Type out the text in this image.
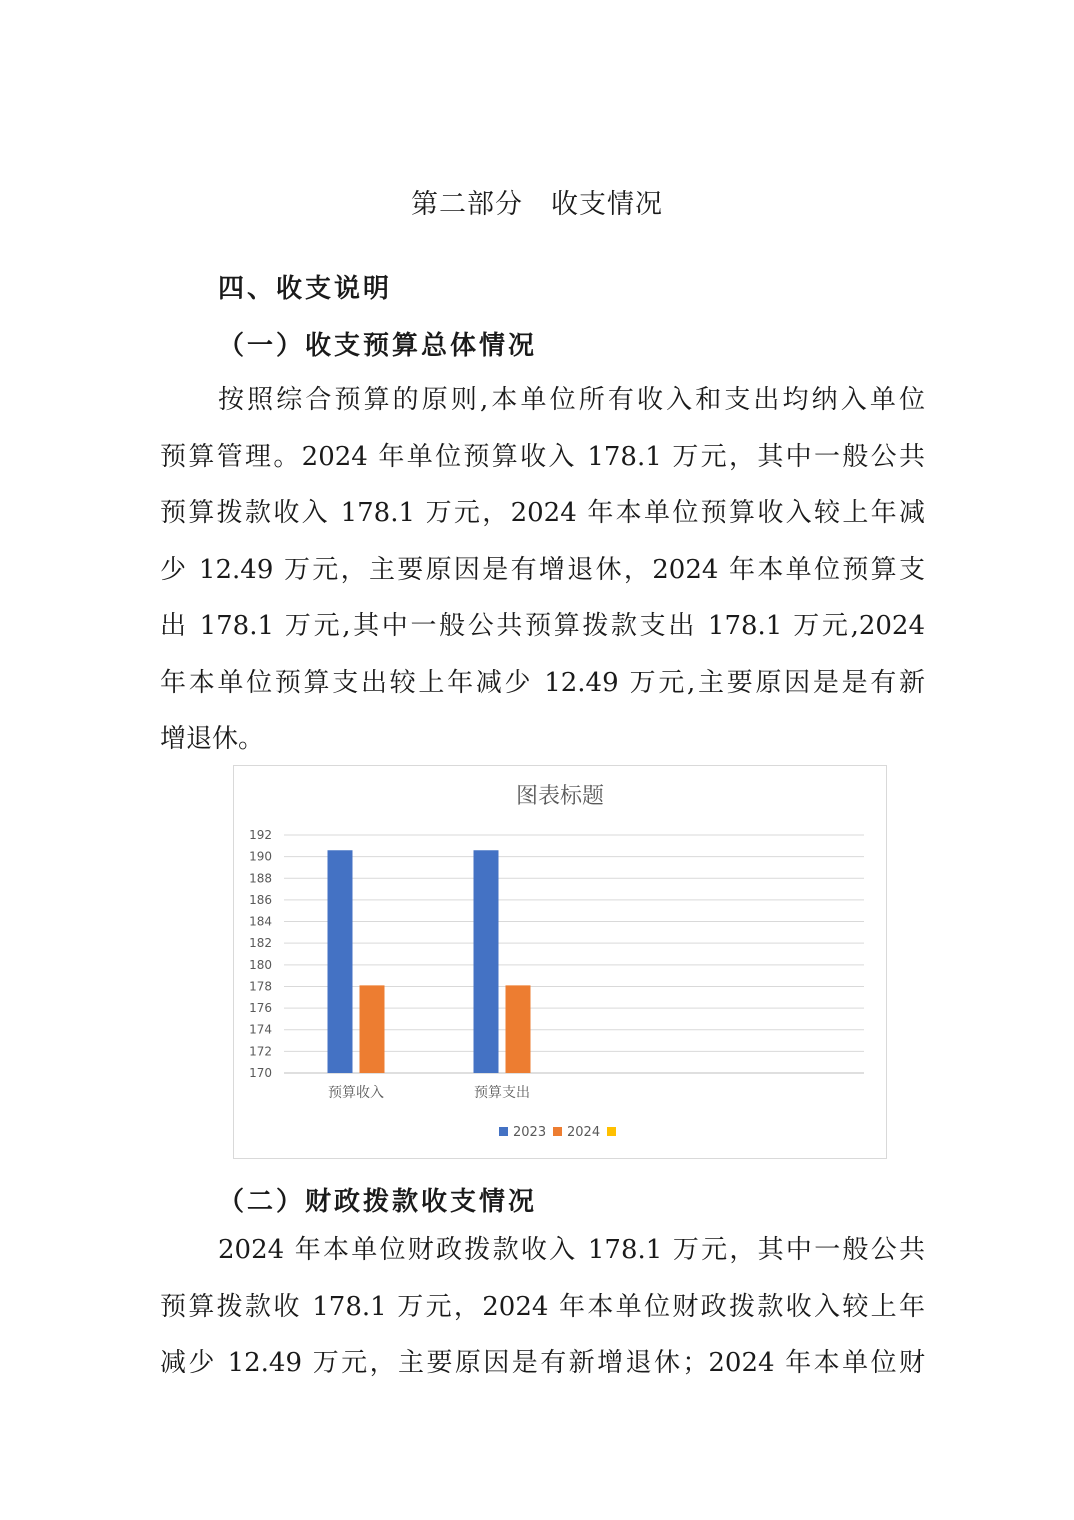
第二部分　收支情况
四、收支说明
（一）收支预算总体情况
按照综合预算的原则,本单位所有收入和支出均纳入单位
预算管理。2024 年单位预算收入 178.1 万元，其中一般公共
预算拨款收入 178.1 万元，2024 年本单位预算收入较上年减
少 12.49 万元，主要原因是有增退休，2024 年本单位预算支
出 178.1 万元,其中一般公共预算拨款支出 178.1 万元,2024
年本单位预算支出较上年减少 12.49 万元,主要原因是是有新
增退休。
图表标题
170
172
174
176
178
180
182
184
186
188
190
192
预算收入	预算支出
2023 2024
（二）财政拨款收支情况
2024 年本单位财政拨款收入 178.1 万元，其中一般公共
预算拨款收 178.1 万元，2024 年本单位财政拨款收入较上年
减少 12.49 万元，主要原因是有新增退休；2024 年本单位财
